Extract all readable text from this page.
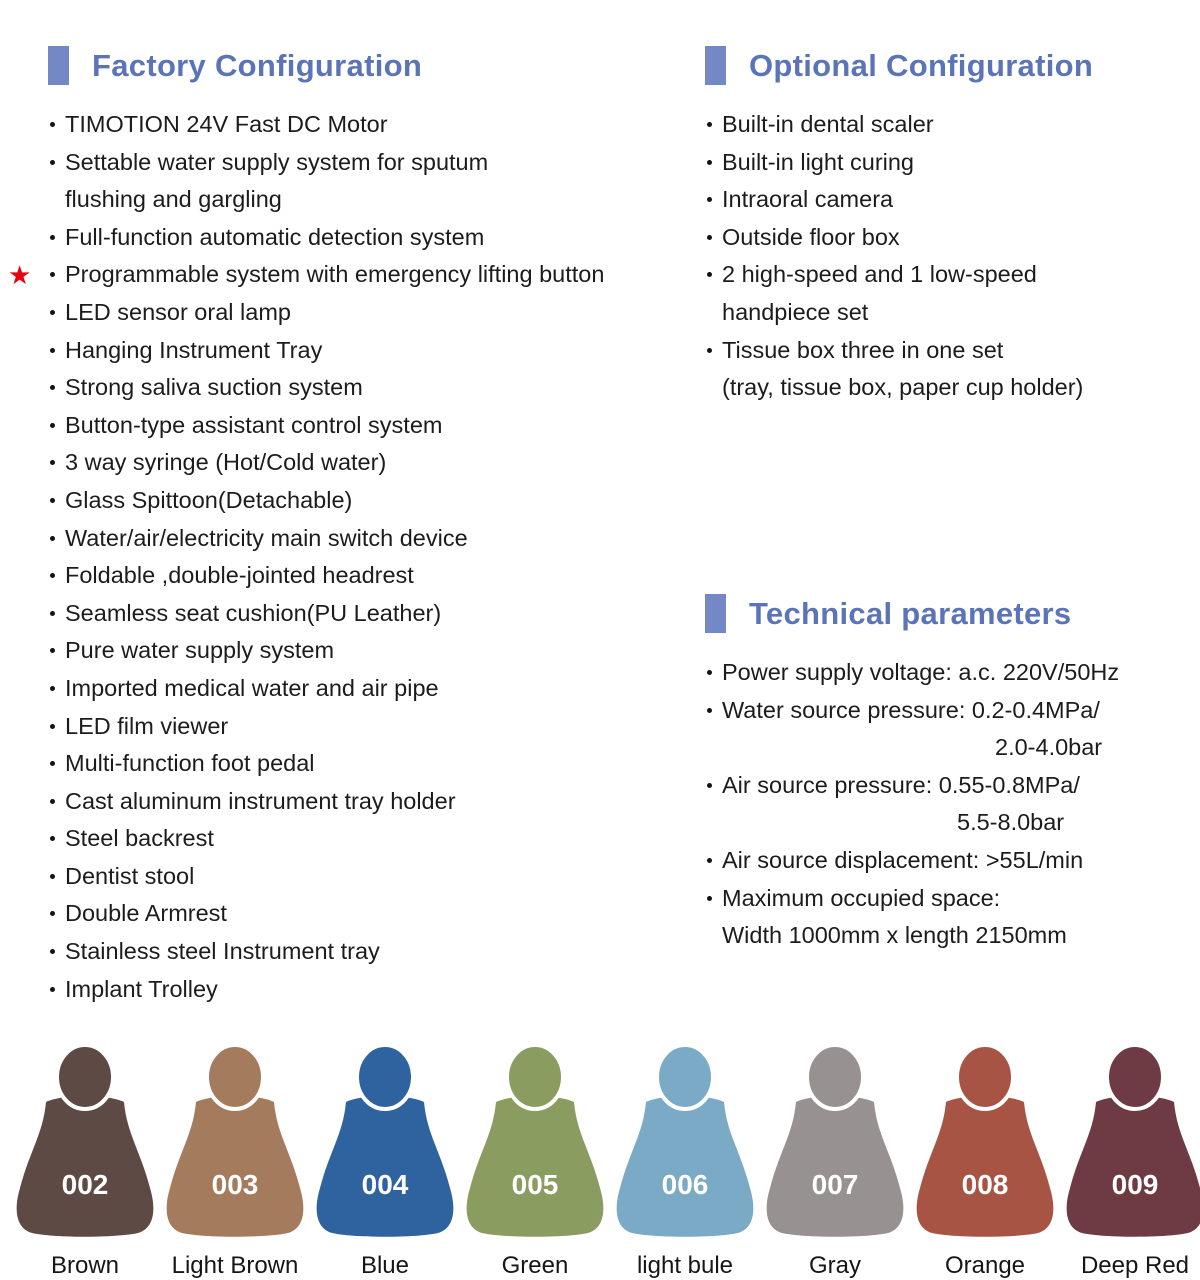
Factory Configuration
TIMOTION 24V Fast DC Motor
Settable water supply system for sputum
flushing and gargling
Full-function automatic detection system
★ Programmable system with emergency lifting button
LED sensor oral lamp
Hanging Instrument Tray
Strong saliva suction system
Button-type assistant control system
3 way syringe (Hot/Cold water)
Glass Spittoon(Detachable)
Water/air/electricity main switch device
Foldable ,double-jointed headrest
Seamless seat cushion(PU Leather)
Pure water supply system
Imported medical water and air pipe
LED film viewer
Multi-function foot pedal
Cast aluminum instrument tray holder
Steel backrest
Dentist stool
Double Armrest
Stainless steel Instrument tray
Implant Trolley
Optional Configuration
Built-in dental scaler
Built-in light curing
Intraoral camera
Outside floor box
2 high-speed and 1 low-speed
handpiece set
Tissue box three in one set
(tray, tissue box, paper cup holder)
Technical parameters
Power supply voltage: a.c. 220V/50Hz
Water source pressure: 0.2-0.4MPa/
2.0-4.0bar
Air source pressure: 0.55-0.8MPa/
5.5-8.0bar
Air source displacement: >55L/min
Maximum occupied space:
Width 1000mm x length 2150mm
002
Brown
003
Light Brown
004
Blue
005
Green
006
light bule
007
Gray
008
Orange
009
Deep Red
